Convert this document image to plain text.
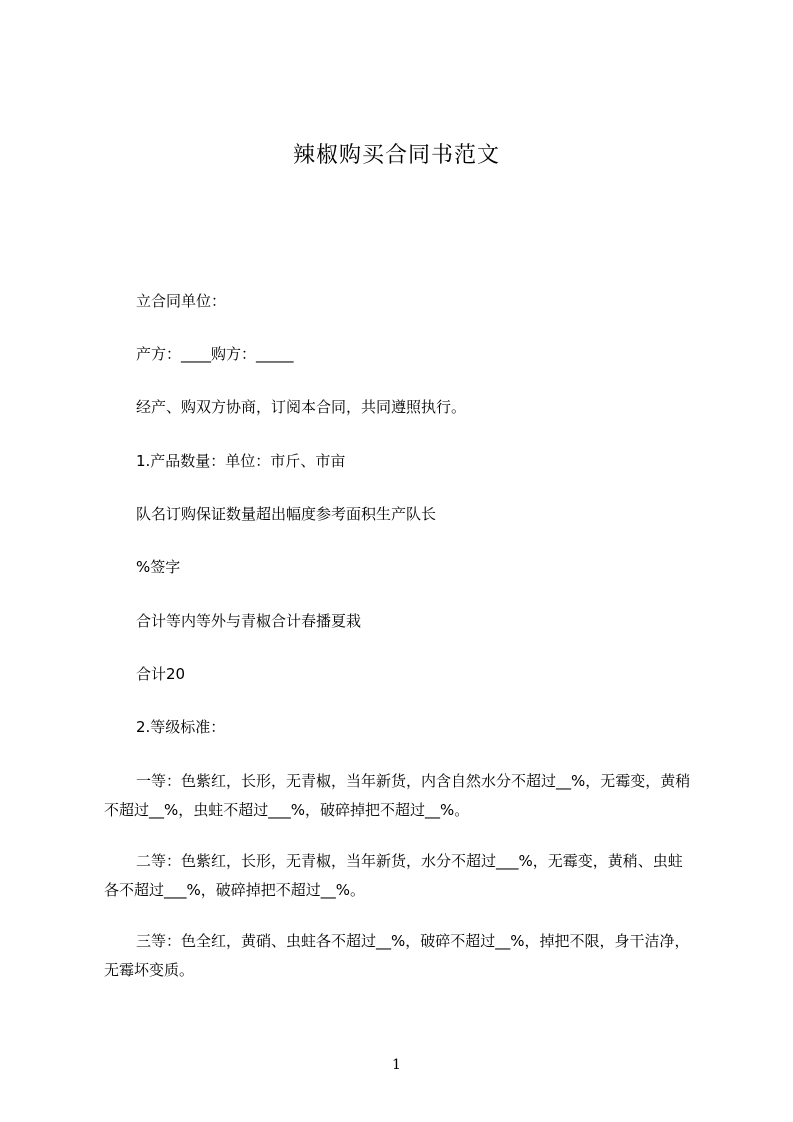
辣椒购买合同书范文
立合同单位：
产方：____购方：_____
经产、购双方协商，订阅本合同，共同遵照执行。
1.产品数量：单位：市斤、市亩
队名订购保证数量超出幅度参考面积生产队长
%签字
合计等内等外与青椒合计春播夏栽
合计20
2.等级标准：
一等：色紫红，长形，无青椒，当年新货，内含自然水分不超过__%，无霉变，黄稍不超过__%，虫蛀不超过___%，破碎掉把不超过__%。
二等：色紫红，长形，无青椒，当年新货，水分不超过___%，无霉变，黄稍、虫蛀各不超过___%，破碎掉把不超过__%。
三等：色全红，黄硝、虫蛀各不超过__%，破碎不超过__%，掉把不限，身干洁净，无霉坏变质。
1
